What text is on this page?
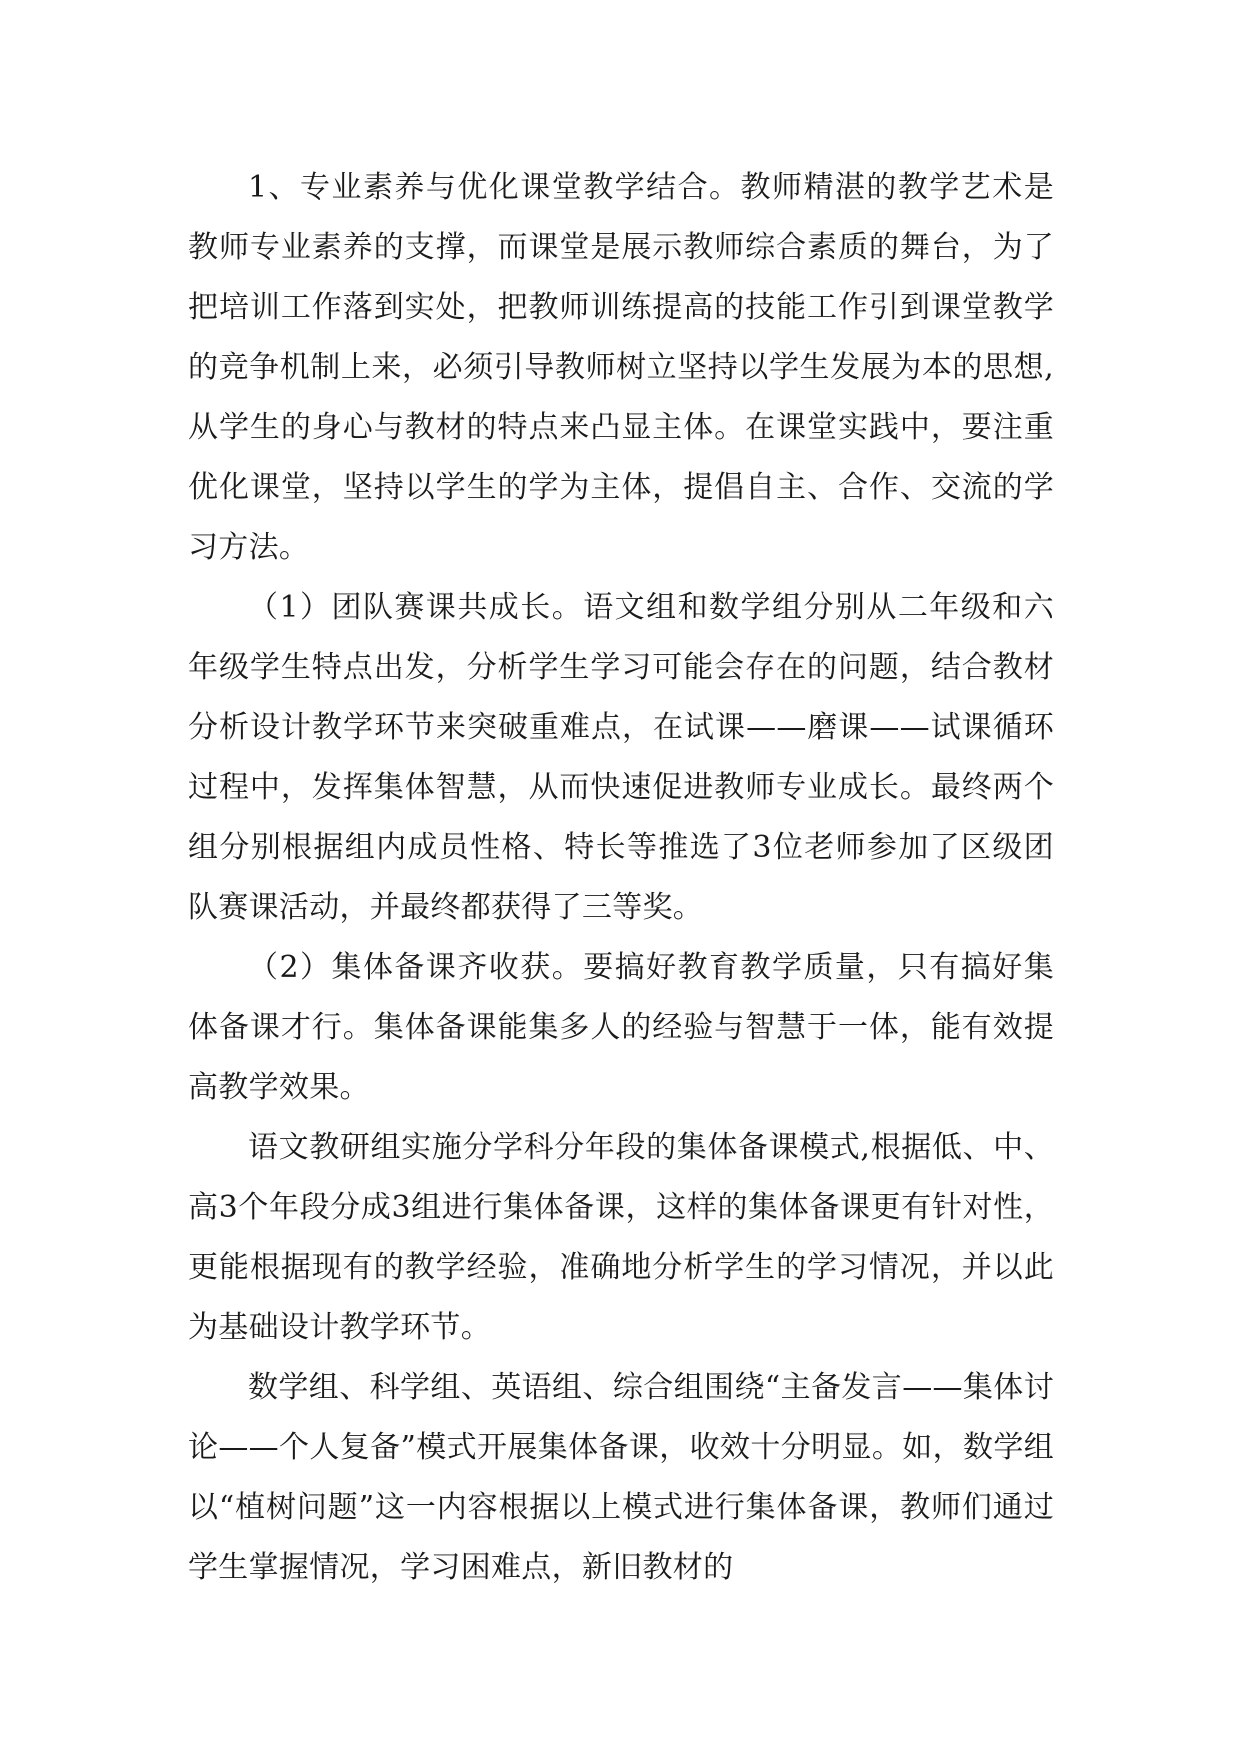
1、专业素养与优化课堂教学结合。教师精湛的教学艺术是教师专业素养的支撑，而课堂是展示教师综合素质的舞台，为了把培训工作落到实处，把教师训练提高的技能工作引到课堂教学的竞争机制上来，必须引导教师树立坚持以学生发展为本的思想,从学生的身心与教材的特点来凸显主体。在课堂实践中，要注重优化课堂，坚持以学生的学为主体，提倡自主、合作、交流的学习方法。

（1）团队赛课共成长。语文组和数学组分别从二年级和六年级学生特点出发，分析学生学习可能会存在的问题，结合教材分析设计教学环节来突破重难点，在试课——磨课——试课循环过程中，发挥集体智慧，从而快速促进教师专业成长。最终两个组分别根据组内成员性格、特长等推选了3位老师参加了区级团队赛课活动，并最终都获得了三等奖。

（2）集体备课齐收获。要搞好教育教学质量，只有搞好集体备课才行。集体备课能集多人的经验与智慧于一体，能有效提高教学效果。

语文教研组实施分学科分年段的集体备课模式,根据低、中、高3个年段分成3组进行集体备课，这样的集体备课更有针对性，更能根据现有的教学经验，准确地分析学生的学习情况，并以此为基础设计教学环节。

数学组、科学组、英语组、综合组围绕“主备发言——集体讨论——个人复备”模式开展集体备课，收效十分明显。如，数学组以“植树问题”这一内容根据以上模式进行集体备课，教师们通过学生掌握情况，学习困难点，新旧教材的
